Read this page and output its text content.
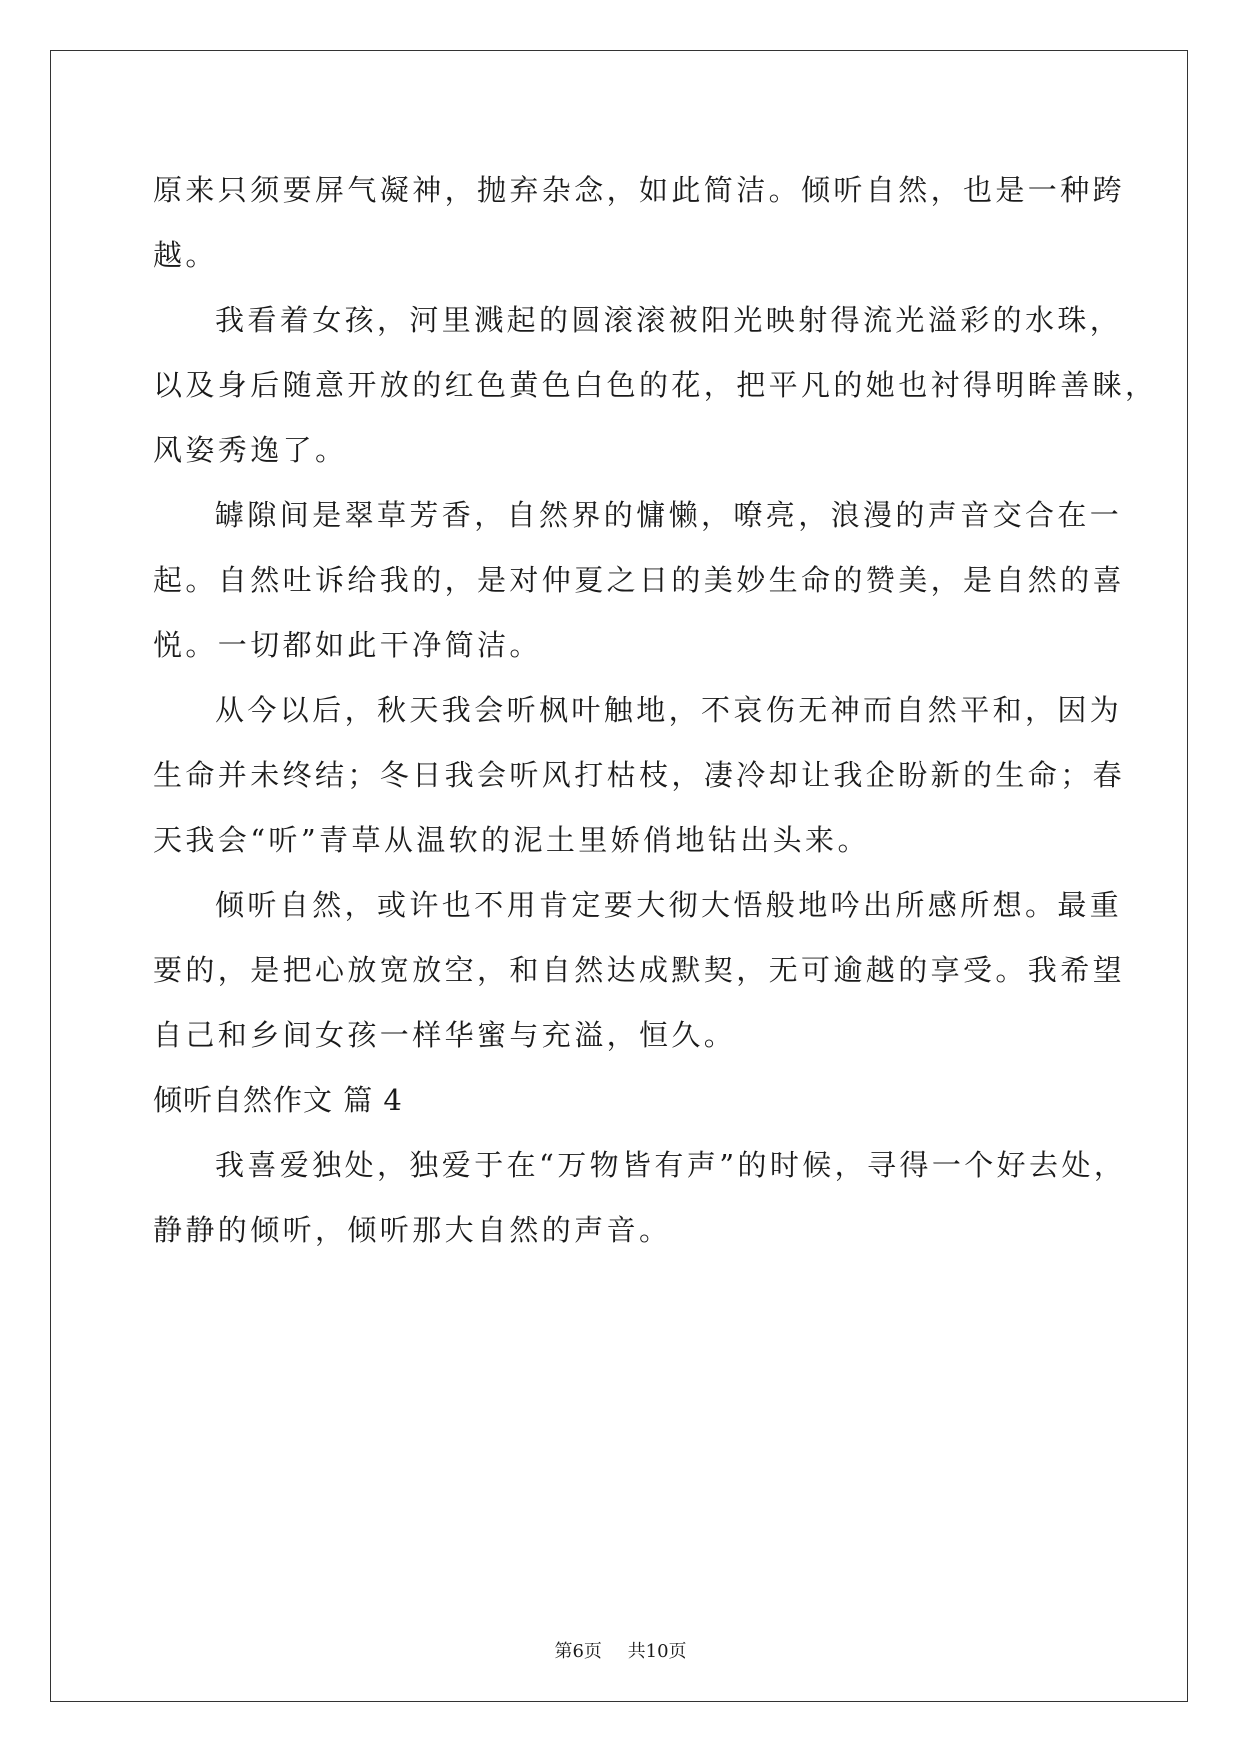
原来只须要屏气凝神，抛弃杂念，如此简洁。倾听自然，也是一种跨
越。
我看着女孩，河里溅起的圆滚滚被阳光映射得流光溢彩的水珠，
以及身后随意开放的红色黄色白色的花，把平凡的她也衬得明眸善睐，
风姿秀逸了。
罅隙间是翠草芳香，自然界的慵懒，嘹亮，浪漫的声音交合在一
起。自然吐诉给我的，是对仲夏之日的美妙生命的赞美，是自然的喜
悦。一切都如此干净简洁。
从今以后，秋天我会听枫叶触地，不哀伤无神而自然平和，因为
生命并未终结；冬日我会听风打枯枝，凄冷却让我企盼新的生命；春
天我会“听”青草从温软的泥土里娇俏地钻出头来。
倾听自然，或许也不用肯定要大彻大悟般地吟出所感所想。最重
要的，是把心放宽放空，和自然达成默契，无可逾越的享受。我希望
自己和乡间女孩一样华蜜与充溢，恒久。
倾听自然作文 篇 4
我喜爱独处，独爱于在“万物皆有声”的时候，寻得一个好去处，
静静的倾听，倾听那大自然的声音。
第6页 共10页
